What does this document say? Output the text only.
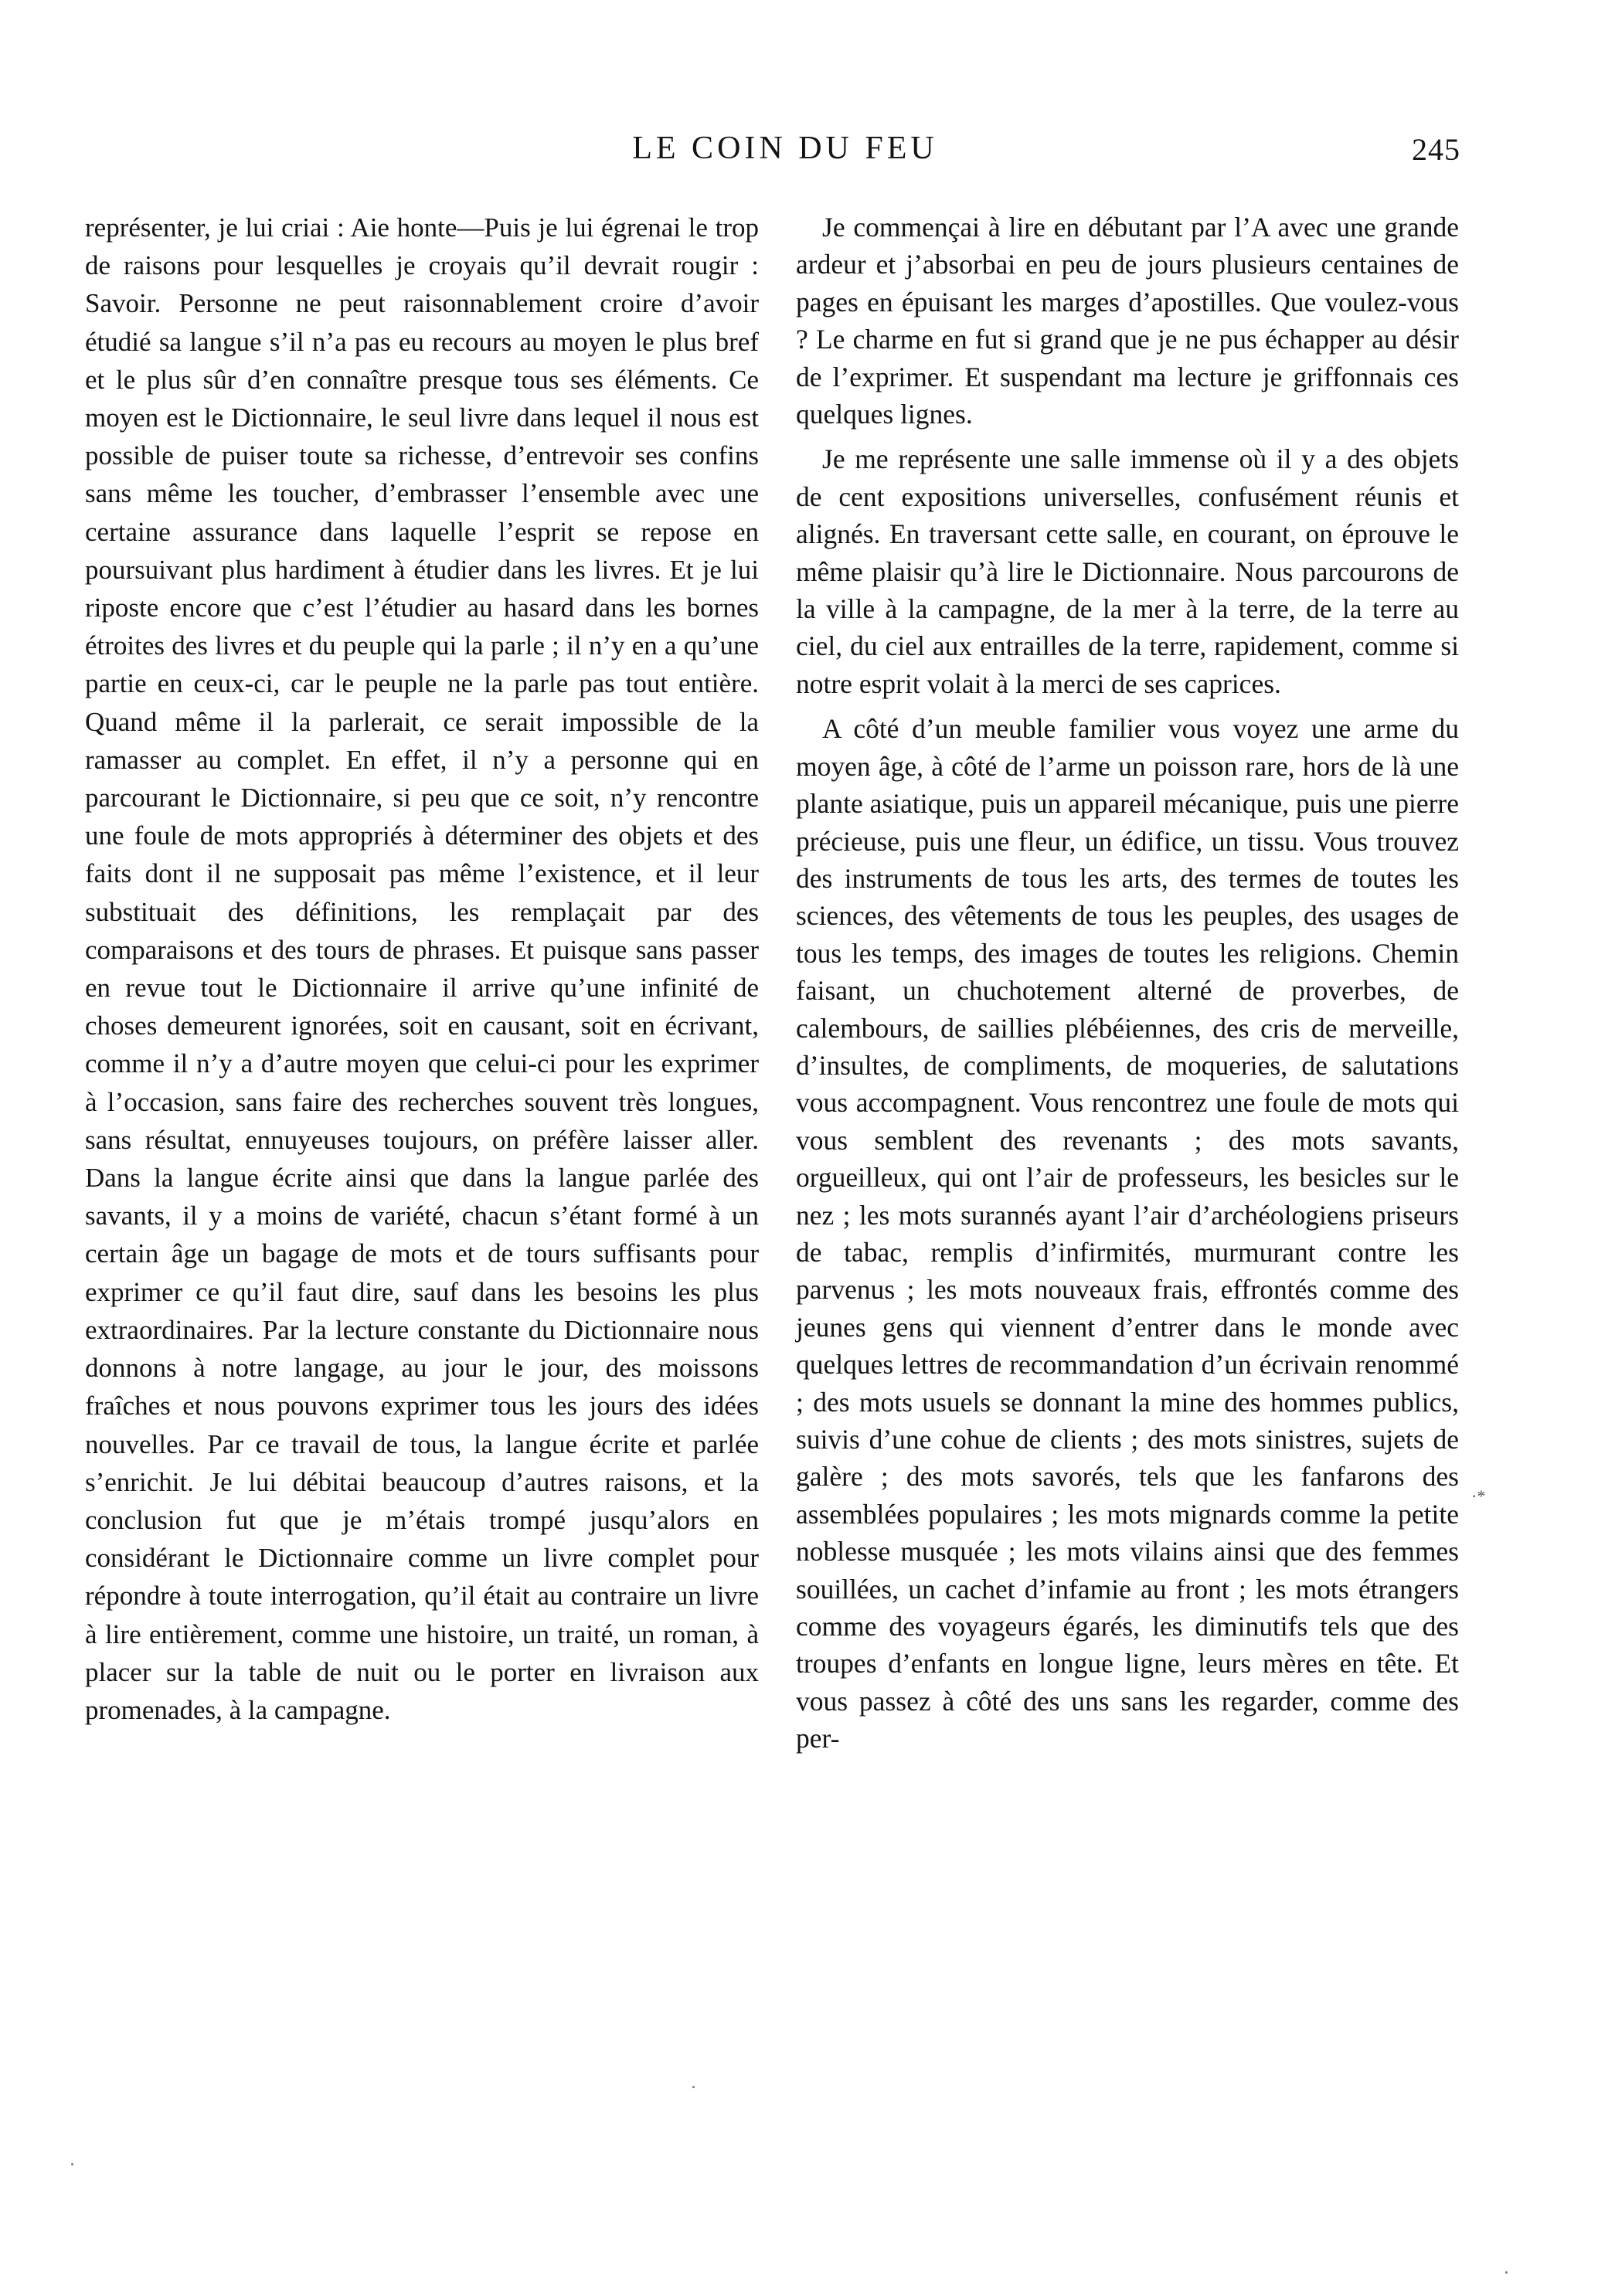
LE COIN DU FEU	245

représenter, je lui criai : Aie honte—Puis je lui égrenai le trop de raisons pour lesquelles je croyais qu’il devrait rougir : Savoir. Personne ne peut raisonnablement croire d’avoir étudié sa langue s’il n’a pas eu recours au moyen le plus bref et le plus sûr d’en connaître presque tous ses éléments. Ce moyen est le Dictionnaire, le seul livre dans lequel il nous est possible de puiser toute sa richesse, d’entrevoir ses confins sans même les toucher, d’embrasser l’ensemble avec une certaine assurance dans laquelle l’esprit se repose en poursuivant plus hardiment à étudier dans les livres. Et je lui riposte encore que c’est l’étudier au hasard dans les bornes étroites des livres et du peuple qui la parle ; il n’y en a qu’une partie en ceux-ci, car le peuple ne la parle pas tout entière. Quand même il la parlerait, ce serait impossible de la ramasser au complet. En effet, il n’y a personne qui en parcourant le Dictionnaire, si peu que ce soit, n’y rencontre une foule de mots appropriés à déterminer des objets et des faits dont il ne supposait pas même l’existence, et il leur substituait des définitions, les remplaçait par des comparaisons et des tours de phrases. Et puisque sans passer en revue tout le Dictionnaire il arrive qu’une infinité de choses demeurent ignorées, soit en causant, soit en écrivant, comme il n’y a d’autre moyen que celui-ci pour les exprimer à l’occasion, sans faire des recherches souvent très longues, sans résultat, ennuyeuses toujours, on préfère laisser aller. Dans la langue écrite ainsi que dans la langue parlée des savants, il y a moins de variété, chacun s’étant formé à un certain âge un bagage de mots et de tours suffisants pour exprimer ce qu’il faut dire, sauf dans les besoins les plus extraordinaires. Par la lecture constante du Dictionnaire nous donnons à notre langage, au jour le jour, des moissons fraîches et nous pouvons exprimer tous les jours des idées nouvelles. Par ce travail de tous, la langue écrite et parlée s’enrichit. Je lui débitai beaucoup d’autres raisons, et la conclusion fut que je m’étais trompé jusqu’alors en considérant le Dictionnaire comme un livre complet pour répondre à toute interrogation, qu’il était au contraire un livre à lire entièrement, comme une histoire, un traité, un roman, à placer sur la table de nuit ou le porter en livraison aux promenades, à la campagne.

Je commençai à lire en débutant par l’A avec une grande ardeur et j’absorbai en peu de jours plusieurs centaines de pages en épuisant les marges d’apostilles. Que voulez-vous ? Le charme en fut si grand que je ne pus échapper au désir de l’exprimer. Et suspendant ma lecture je griffonnais ces quelques lignes.

Je me représente une salle immense où il y a des objets de cent expositions universelles, confusément réunis et alignés. En traversant cette salle, en courant, on éprouve le même plaisir qu’à lire le Dictionnaire. Nous parcourons de la ville à la campagne, de la mer à la terre, de la terre au ciel, du ciel aux entrailles de la terre, rapidement, comme si notre esprit volait à la merci de ses caprices.

A côté d’un meuble familier vous voyez une arme du moyen âge, à côté de l’arme un poisson rare, hors de là une plante asiatique, puis un appareil mécanique, puis une pierre précieuse, puis une fleur, un édifice, un tissu. Vous trouvez des instruments de tous les arts, des termes de toutes les sciences, des vêtements de tous les peuples, des usages de tous les temps, des images de toutes les religions. Chemin faisant, un chuchotement alterné de proverbes, de calembours, de saillies plébéiennes, des cris de merveille, d’insultes, de compliments, de moqueries, de salutations vous accompagnent. Vous rencontrez une foule de mots qui vous semblent des revenants ; des mots savants, orgueilleux, qui ont l’air de professeurs, les besicles sur le nez ; les mots surannés ayant l’air d’archéologiens priseurs de tabac, remplis d’infirmités, murmurant contre les parvenus ; les mots nouveaux frais, effrontés comme des jeunes gens qui viennent d’entrer dans le monde avec quelques lettres de recommandation d’un écrivain renommé ; des mots usuels se donnant la mine des hommes publics, suivis d’une cohue de clients ; des mots sinistres, sujets de galère ; des mots savorés, tels que les fanfarons des assemblées populaires ; les mots mignards comme la petite noblesse musquée ; les mots vilains ainsi que des femmes souillées, un cachet d’infamie au front ; les mots étrangers comme des voyageurs égarés, les diminutifs tels que des troupes d’enfants en longue ligne, leurs mères en tête. Et vous passez à côté des uns sans les regarder, comme des per-

·*
